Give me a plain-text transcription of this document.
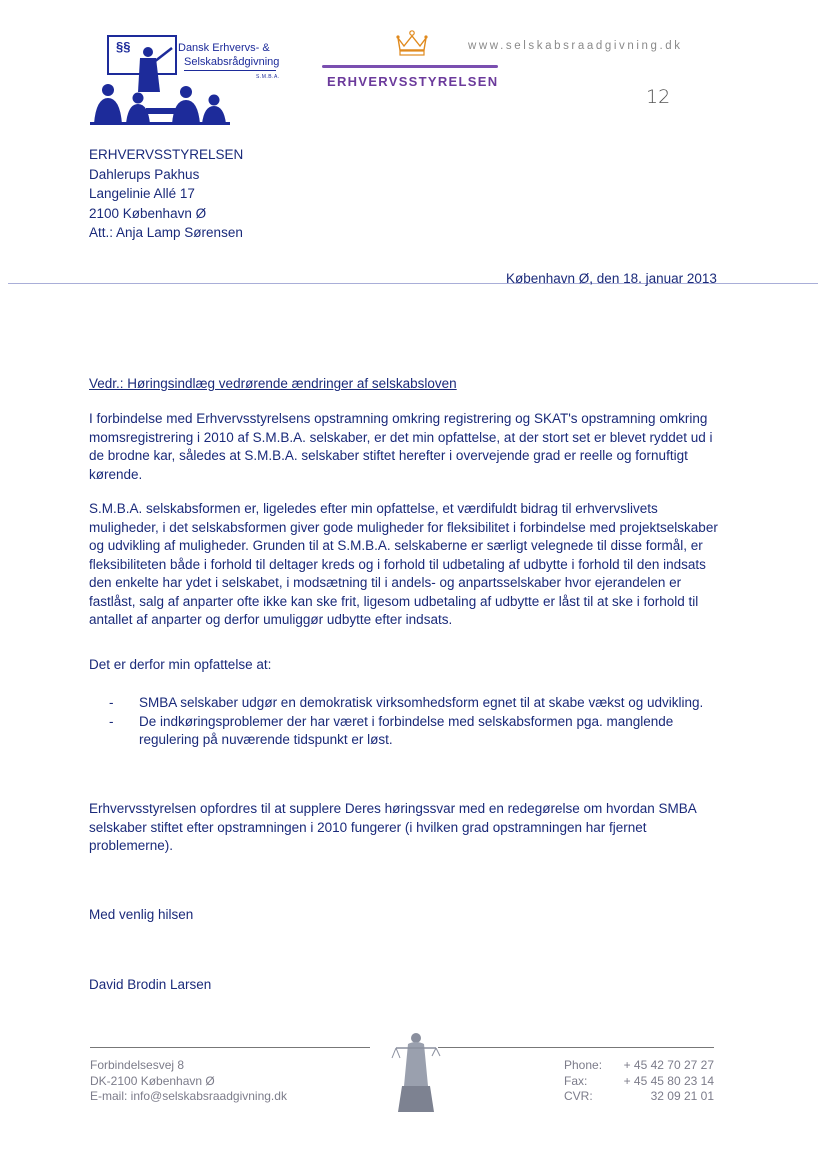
§§	Dansk Erhvervs- &
Selskabsrådgivning
S.M.B.A.	ERHVERVSSTYRELSEN
www.selskabsraadgivning.dk
12
ERHVERVSSTYRELSEN
Dahlerups Pakhus
Langelinie Allé 17
2100 København Ø
Att.: Anja Lamp Sørensen
København Ø, den 18. januar 2013
Vedr.: Høringsindlæg vedrørende ændringer af selskabsloven
I forbindelse med Erhvervsstyrelsens opstramning omkring registrering og SKAT's opstramning omkring momsregistrering i 2010 af S.M.B.A. selskaber, er det min opfattelse, at der stort set er blevet ryddet ud i de brodne kar, således at S.M.B.A. selskaber stiftet herefter i overvejende grad er reelle og fornuftigt kørende.
S.M.B.A. selskabsformen er, ligeledes efter min opfattelse, et værdifuldt bidrag til erhvervslivets muligheder, i det selskabsformen giver gode muligheder for fleksibilitet i forbindelse med projektselskaber og udvikling af muligheder. Grunden til at S.M.B.A. selskaberne er særligt velegnede til disse formål, er fleksibiliteten både i forhold til deltager kreds og i forhold til udbetaling af udbytte i forhold til den indsats den enkelte har ydet i selskabet, i modsætning til i andels- og anpartsselskaber hvor ejerandelen er fastlåst, salg af anparter ofte ikke kan ske frit, ligesom udbetaling af udbytte er låst til at ske i forhold til antallet af anparter og derfor umuliggør udbytte efter indsats.
Det er derfor min opfattelse at:
-	SMBA selskaber udgør en demokratisk virksomhedsform egnet til at skabe vækst og udvikling.
-	De indkøringsproblemer der har været i forbindelse med selskabsformen pga. manglende regulering på nuværende tidspunkt er løst.
Erhvervsstyrelsen opfordres til at supplere Deres høringssvar med en redegørelse om hvordan SMBA selskaber stiftet efter opstramningen i 2010 fungerer (i hvilken grad opstramningen har fjernet problemerne).
Med venlig hilsen
David Brodin Larsen
Forbindelsesvej 8
DK-2100 København Ø
E-mail: info@selskabsraadgivning.dk
Phone: + 45 42 70 27 27
Fax:	+ 45 45 80 23 14
CVR:	32 09 21 01
